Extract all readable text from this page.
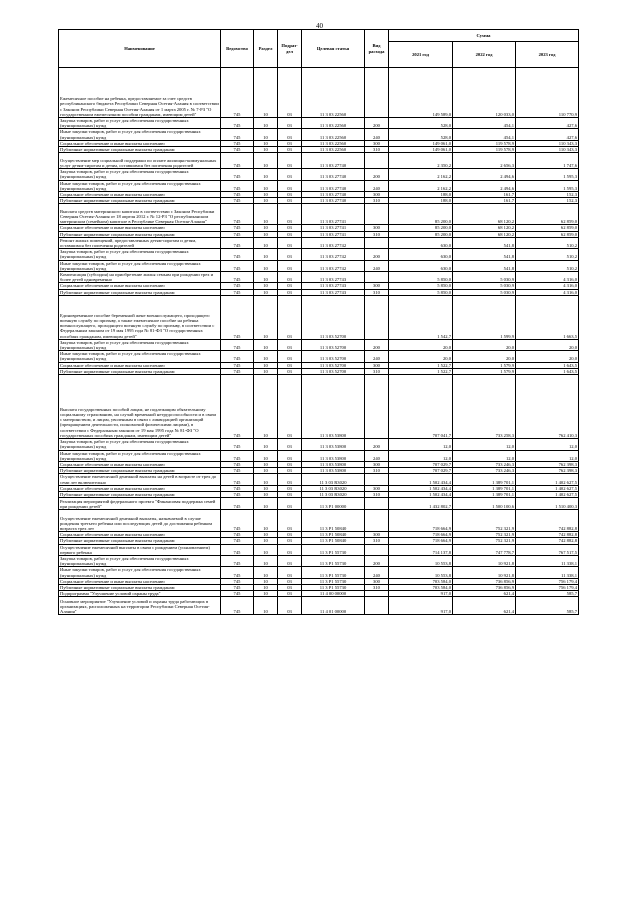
40
Наименование	Ведомство	Раздел	Подраз-дел	Целевая статья	Вид расхода	Сумма		
						2021 год	2022 год	2023 год
Ежемесячное пособие на ребенка, предоставляемое за счет средств республиканского бюджета Республики Северная Осетия-Алания в соответствии с Законом Республики Северная Осетия-Алания от 1 марта 2005 г. № 7-РЗ "О государственном ежемесячном пособии гражданам, имеющим детей"	745	10	03	11 3 03 22560		149 589,0	120 033,0	110 770,9
Закупка товаров, работ и услуг для обеспечения государственных (муниципальных) нужд	745	10	03	11 3 03 22560	200	528,0	454,1	427,6
Иные закупки товаров, работ и услуг для обеспечения государственных (муниципальных) нужд	745	10	03	11 3 03 22560	240	528,0	454,1	427,6
Социальное обеспечение и иные выплаты населению	745	10	03	11 3 03 22560	300	149 061,0	119 578,9	110 343,3
Публичные нормативные социальные выплаты гражданам	745	10	03	11 3 03 22560	310	149 061,0	119 578,9	110 343,3
Осуществление мер социальной поддержки по оплате жилищно-коммунальных услуг детям-сиротам и детям, оставшимся без попечения родителей	745	10	03	11 3 03 27740		2 350,2	2 656,3	1 747,6
Закупка товаров, работ и услуг для обеспечения государственных (муниципальных) нужд	745	10	03	11 3 03 27740	200	2 162,2	2 494,6	1 595,3
Иные закупки товаров, работ и услуг для обеспечения государственных (муниципальных) нужд	745	10	03	11 3 03 27740	240	2 162,2	2 494,6	1 595,3
Социальное обеспечение и иные выплаты населению	745	10	03	11 3 03 27740	300	188,0	161,7	152,3
Публичные нормативные социальные выплаты гражданам	745	10	03	11 3 03 27740	310	188,0	161,7	152,3
Выплата средств материнского капитала в соответствии с Законом Республики Северная Осетия-Алания от 18 апреля 2012 г. № 12-РЗ "О республиканском материнском (семейном) капитале в Республике Северная Осетия-Алания"	745	10	03	11 3 03 27741		85 200,0	68 120,2	62 859,0
Социальное обеспечение и иные выплаты населению	745	10	03	11 3 03 27741	300	85 200,0	68 120,2	62 859,0
Публичные нормативные социальные выплаты гражданам	745	10	03	11 3 03 27741	310	85 200,0	68 120,2	62 859,0
Ремонт жилых помещений, предоставленных детям-сиротам и детям, оставшимся без попечения родителей	745	10	03	11 3 03 27742		630,0	541,8	510,2
Закупка товаров, работ и услуг для обеспечения государственных (муниципальных) нужд	745	10	03	11 3 03 27742	200	630,0	541,8	510,2
Иные закупки товаров, работ и услуг для обеспечения государственных (муниципальных) нужд	745	10	03	11 3 03 27742	240	630,0	541,8	510,2
Компенсация (субсидия) на приобретение жилья семьям при рождении трех и более детей одновременно	745	10	03	11 3 03 27743		5 850,0	5 030,9	4 316,0
Социальное обеспечение и иные выплаты населению	745	10	03	11 3 03 27743	300	5 850,0	5 030,9	4 316,0
Публичные нормативные социальные выплаты гражданам	745	10	03	11 3 03 27743	310	5 850,0	5 030,9	4 316,0
Единовременное пособие беременной жене военнослужащего, проходящего военную службу по призыву, а также ежемесячное пособие на ребенка военнослужащего, проходящего военную службу по призыву, в соответствии с Федеральным законом от 19 мая 1995 года № 81-ФЗ "О государственных пособиях гражданам, имеющим детей"	745	10	03	11 3 03 52700		1 542,7	1 599,9	1 663,5
Закупка товаров, работ и услуг для обеспечения государственных (муниципальных) нужд	745	10	03	11 3 03 52700	200	20,0	20,0	20,0
Иные закупки товаров, работ и услуг для обеспечения государственных (муниципальных) нужд	745	10	03	11 3 03 52700	240	20,0	20,0	20,0
Социальное обеспечение и иные выплаты населению	745	10	03	11 3 03 52700	300	1 522,7	1 579,9	1 643,5
Публичные нормативные социальные выплаты гражданам	745	10	03	11 3 03 52700	310	1 522,7	1 579,9	1 643,5
Выплата государственных пособий лицам, не подлежащим обязательному социальному страхованию, на случай временной нетрудоспособности и в связи с материнством, и лицам, уволенным в связи с ликвидацией организаций (прекращением деятельности, полномочий физическими лицами), в соответствии с Федеральным законом от 19 мая 1995 года № 81-ФЗ "О государственных пособиях гражданам, имеющим детей"	745	10	03	11 3 03 53800		707 041,7	733 258,3	762 410,3
Закупка товаров, работ и услуг для обеспечения государственных (муниципальных) нужд	745	10	03	11 3 03 53800	200	12,0	12,0	12,0
Иные закупки товаров, работ и услуг для обеспечения государственных (муниципальных) нужд	745	10	03	11 3 03 53800	240	12,0	12,0	12,0
Социальное обеспечение и иные выплаты населению	745	10	03	11 3 03 53800	300	707 029,7	733 246,3	762 398,3
Публичные нормативные социальные выплаты гражданам	745	10	03	11 3 03 53800	310	707 029,7	733 246,3	762 398,3
Осуществление ежемесячной денежной выплаты на детей в возрасте от трех до семи лет включительно	745	10	03	11 3 03 R3020		1 502 434,4	1 389 701,1	1 402 627,5
Социальное обеспечение и иные выплаты населению	745	10	03	11 3 03 R3020	300	1 502 434,4	1 389 701,1	1 402 627,5
Публичные нормативные социальные выплаты гражданам	745	10	03	11 3 03 R3020	310	1 502 434,4	1 389 701,1	1 402 627,5
Реализация мероприятий федерального проекта "Финансовая поддержка семей при рождении детей"	745	10	03	11 3 P1 00000		1 432 802,7	1 500 100,6	1 510 400,3
Осуществление ежемесячной денежной выплаты, назначаемой в случае рождения третьего ребенка или последующих детей до достижения ребенком возраста трех лет	745	10	03	11 3 P1 50840		718 664,9	752 321,9	742 882,8
Социальное обеспечение и иные выплаты населению	745	10	03	11 3 P1 50840	300	718 664,9	752 321,9	742 882,8
Публичные нормативные социальные выплаты гражданам	745	10	03	11 3 P1 50840	310	718 664,9	752 321,9	742 882,8
Осуществление ежемесячной выплаты в связи с рождением (усыновлением) первого ребенка	745	10	03	11 3 P1 55730		714 137,8	747 778,7	767 517,5
Закупка товаров, работ и услуг для обеспечения государственных (муниципальных) нужд	745	10	03	11 3 P1 55730	200	10 553,8	10 921,8	11 338,1
Иные закупки товаров, работ и услуг для обеспечения государственных (муниципальных) нужд	745	10	03	11 3 P1 55730	240	10 553,8	10 921,8	11 338,1
Социальное обеспечение и иные выплаты населению	745	10	03	11 3 P1 55730	300	703 584,0	736 856,9	756 179,4
Публичные нормативные социальные выплаты гражданам	745	10	03	11 3 P1 55730	310	703 584,0	736 856,9	756 179,4
Подпрограмма "Улучшение условий охраны труда"	745	10	03	11 4 00 00000		917,0	621,4	585,7
Основное мероприятие "Улучшение условий и охраны труда работающих в организациях, расположенных на территории Республики Северная Осетия-Алания"	745	10	03	11 4 01 00000		917,0	621,4	585,7
